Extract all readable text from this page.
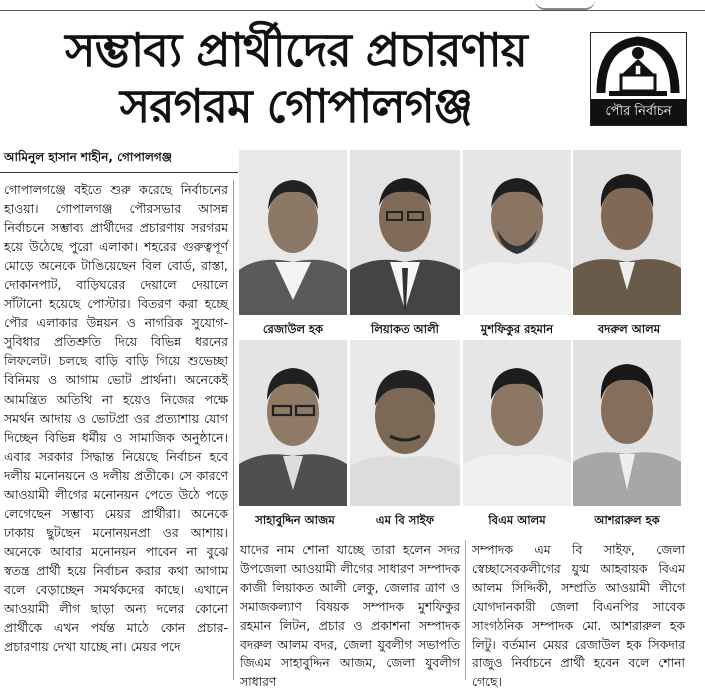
সম্ভাব্য প্রার্থীদের প্রচারণায়
সরগরম গোপালগঞ্জ	পৌর নির্বাচন
আমিনুল হাসান শাহীন, গোপালগঞ্জ
গোপালগঞ্জে বইতে শুরু করেছে নির্বাচনের হাওয়া। গোপালগঞ্জ পৌরসভার আসন্ন নির্বাচনে সম্ভাব্য প্রার্থীদের প্রচারণায় সরগরম হয়ে উঠেছে পুরো এলাকা। শহরের গুরুত্বপূর্ণ মোড়ে অনেকে টাঙিয়েছেন বিল বোর্ড, রাস্তা, দোকানপাট, বাড়িঘরের দেয়ালে দেয়ালে সাঁটানো হয়েছে পোস্টার। বিতরণ করা হচ্ছে পৌর এলাকার উন্নয়ন ও নাগরিক সুযোগ-সুবিধার প্রতিশ্রুতি দিয়ে বিভিন্ন ধরনের লিফলেট। চলছে বাড়ি বাড়ি গিয়ে শুভেচ্ছা বিনিময় ও আগাম ভোট প্রার্থনা। অনেকেই আমন্ত্রিত অতিথি না হয়েও নিজের পক্ষে সমর্থন আদায় ও ভোটপ্রা ওর প্রত্যাশায় যোগ দিচ্ছেন বিভিন্ন ধর্মীয় ও সামাজিক অনুষ্ঠানে। এবার সরকার সিদ্ধান্ত নিয়েছে নির্বাচন হবে দলীয় মনোনয়নে ও দলীয় প্রতীকে। সে কারণে আওয়ামী লীগের মনোনয়ন পেতে উঠে পড়ে লেগেছেন সম্ভাব্য মেয়র প্রার্থীরা। অনেকে ঢাকায় ছুটছেন মনোনয়নপ্রা ওর আশায়। অনেকে আবার মনোনয়ন পাবেন না বুঝে স্বতন্ত্র প্রার্থী হয়ে নির্বাচন করার কথা আগাম বলে বেড়াচ্ছেন সমর্থকদের কাছে। এখানে আওয়ামী লীগ ছাড়া অন্য দলের কোনো প্রার্থীকে এখন পর্যন্ত মাঠে কোন প্রচার-প্রচারণায় দেখা যাচ্ছে না। মেয়র পদে
রেজাউল হক	লিয়াকত আলী	মুশফিকুর রহমান	বদরুল আলম
সাহাবুদ্দিন আজম	এম বি সাইফ	বিএম আলম	আশরারুল হক
যাদের নাম শোনা যাচ্ছে তারা হলেন সদর উপজেলা আওয়ামী লীগের সাধারণ সম্পাদক কাজী লিয়াকত আলী লেকু, জেলার ত্রাণ ও সমাজকল্যাণ বিষয়ক সম্পাদক মুশফিকুর রহমান লিটন, প্রচার ও প্রকাশনা সম্পাদক বদরুল আলম বদর, জেলা যুবলীগ সভাপতি জিএম সাহাবুদ্দিন আজম, জেলা যুবলীগ সাধারণ
সম্পাদক এম বি সাইফ, জেলা স্বেচ্ছাসেবকলীগের যুগ্ম আহবায়ক বিএম আলম সিদ্দিকী, সম্প্রতি আওয়ামী লীগে যোগদানকারী জেলা বিএনপির সাবেক সাংগঠনিক সম্পাদক মো. আশরারুল হক লিটু। বর্তমান মেয়র রেজাউল হক সিকদার রাজুও নির্বাচনে প্রার্থী হবেন বলে শোনা গেছে।
